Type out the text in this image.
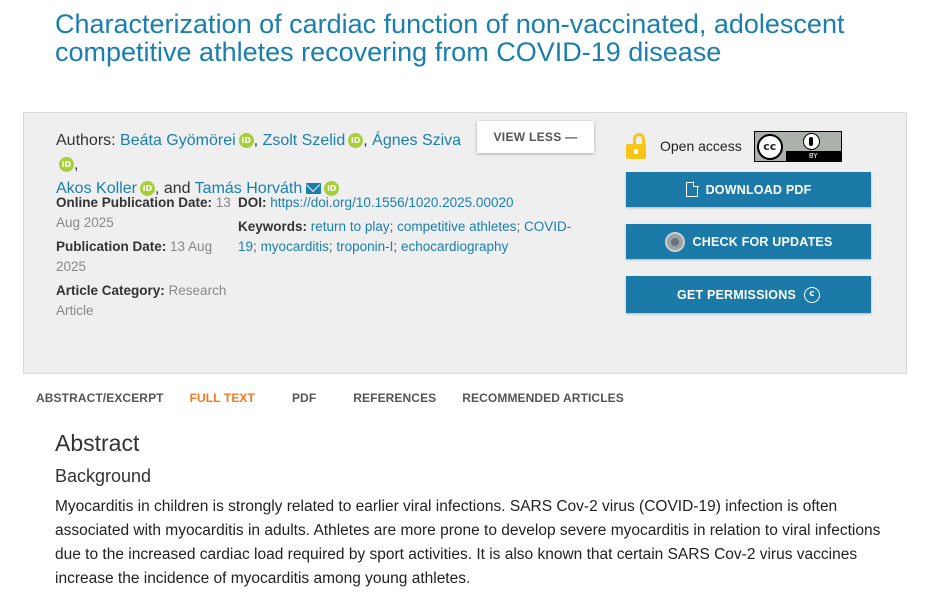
Characterization of cardiac function of non-vaccinated, adolescent competitive athletes recovering from COVID-19 disease
Authors: Beáta Gyömörei iD , Zsolt Szelid iD , Ágnes SzivaiD ,
Akos Koller iD , and Tamás Horváth	iD
VIEW LESS —
Online Publication Date: 13 Aug 2025
Publication Date: 13 Aug 2025
Article Category: Research Article
DOI: https://doi.org/10.1556/1020.2025.00020
Keywords: return to play; competitive athletes; COVID-19; myocarditis; troponin-I; echocardiography
Open access	cc
BY
DOWNLOAD PDF
CHECK FOR UPDATES
GET PERMISSIONS	c
ABSTRACT/EXCERPT	FULL TEXT	PDF	REFERENCES	RECOMMENDED ARTICLES
Abstract
Background

Myocarditis in children is strongly related to earlier viral infections. SARS Cov-2 virus (COVID-19) infection is often associated with myocarditis in adults. Athletes are more prone to develop severe myocarditis in relation to viral infections due to the increased cardiac load required by sport activities. It is also known that certain SARS Cov-2 virus vaccines increase the incidence of myocarditis among young athletes.
